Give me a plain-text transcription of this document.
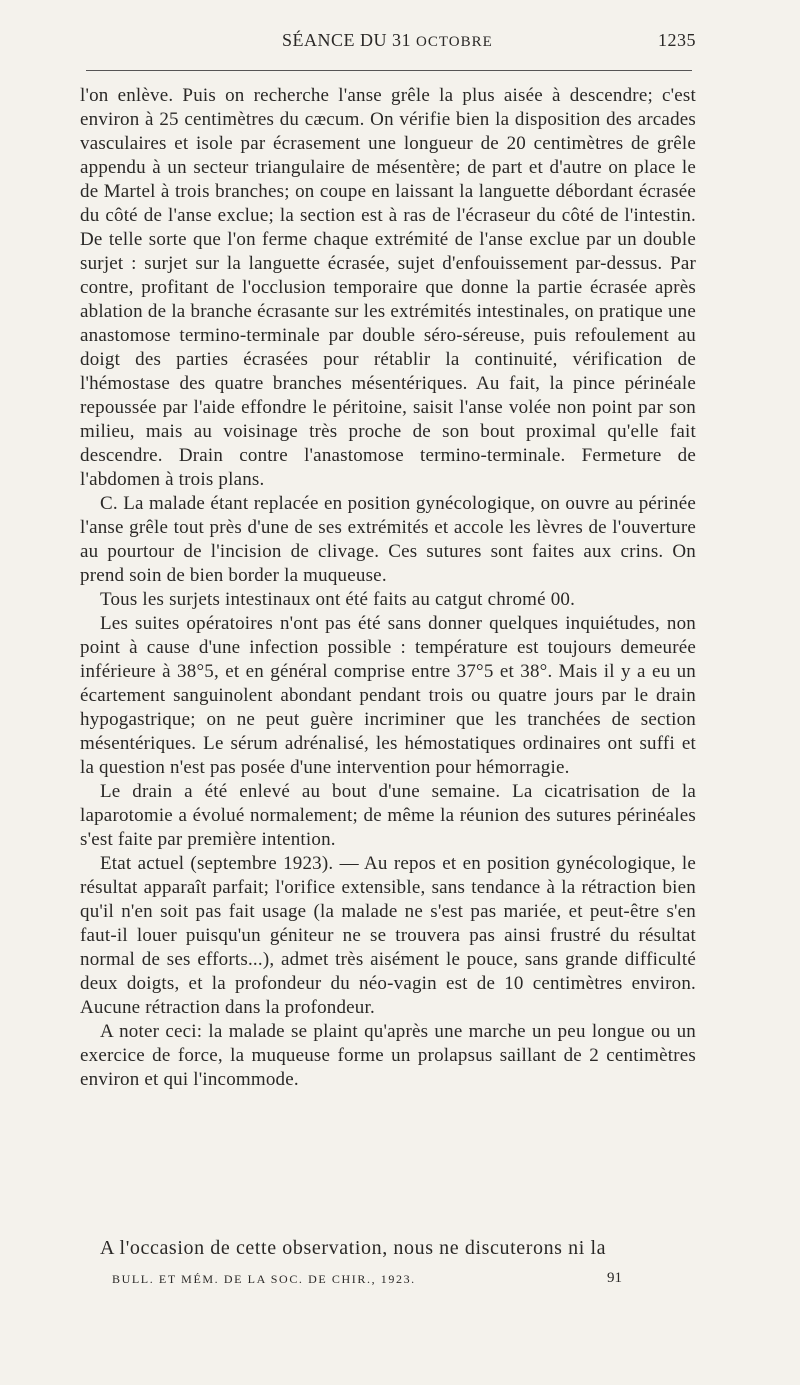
SÉANCE DU 31 OCTOBRE	1235

l'on enlève. Puis on recherche l'anse grêle la plus aisée à descendre; c'est environ à 25 centimètres du cæcum. On vérifie bien la disposition des arcades vasculaires et isole par écrasement une longueur de 20 centimètres de grêle appendu à un secteur triangulaire de mésentère; de part et d'autre on place le de Martel à trois branches; on coupe en laissant la languette débordant écrasée du côté de l'anse exclue; la section est à ras de l'écraseur du côté de l'intestin. De telle sorte que l'on ferme chaque extrémité de l'anse exclue par un double surjet : surjet sur la languette écrasée, sujet d'enfouissement par-dessus. Par contre, profitant de l'occlusion temporaire que donne la partie écrasée après ablation de la branche écrasante sur les extrémités intestinales, on pratique une anastomose termino-terminale par double séro-séreuse, puis refoulement au doigt des parties écrasées pour rétablir la continuité, vérification de l'hémostase des quatre branches mésentériques. Au fait, la pince périnéale repoussée par l'aide effondre le péritoine, saisit l'anse volée non point par son milieu, mais au voisinage très proche de son bout proximal qu'elle fait descendre. Drain contre l'anastomose termino-terminale. Fermeture de l'abdomen à trois plans.

C. La malade étant replacée en position gynécologique, on ouvre au périnée l'anse grêle tout près d'une de ses extrémités et accole les lèvres de l'ouverture au pourtour de l'incision de clivage. Ces sutures sont faites aux crins. On prend soin de bien border la muqueuse.

Tous les surjets intestinaux ont été faits au catgut chromé 00.

Les suites opératoires n'ont pas été sans donner quelques inquiétudes, non point à cause d'une infection possible : température est toujours demeurée inférieure à 38°5, et en général comprise entre 37°5 et 38°. Mais il y a eu un écartement sanguinolent abondant pendant trois ou quatre jours par le drain hypogastrique; on ne peut guère incriminer que les tranchées de section mésentériques. Le sérum adrénalisé, les hémostatiques ordinaires ont suffi et la question n'est pas posée d'une intervention pour hémorragie.

Le drain a été enlevé au bout d'une semaine. La cicatrisation de la laparotomie a évolué normalement; de même la réunion des sutures périnéales s'est faite par première intention.

Etat actuel (septembre 1923). — Au repos et en position gynécologique, le résultat apparaît parfait; l'orifice extensible, sans tendance à la rétraction bien qu'il n'en soit pas fait usage (la malade ne s'est pas mariée, et peut-être s'en faut-il louer puisqu'un géniteur ne se trouvera pas ainsi frustré du résultat normal de ses efforts...), admet très aisément le pouce, sans grande difficulté deux doigts, et la profondeur du néo-vagin est de 10 centimètres environ. Aucune rétraction dans la profondeur.

A noter ceci: la malade se plaint qu'après une marche un peu longue ou un exercice de force, la muqueuse forme un prolapsus saillant de 2 centimètres environ et qui l'incommode.

A l'occasion de cette observation, nous ne discuterons ni la
BULL. ET MÉM. DE LA SOC. DE CHIR., 1923.	91
